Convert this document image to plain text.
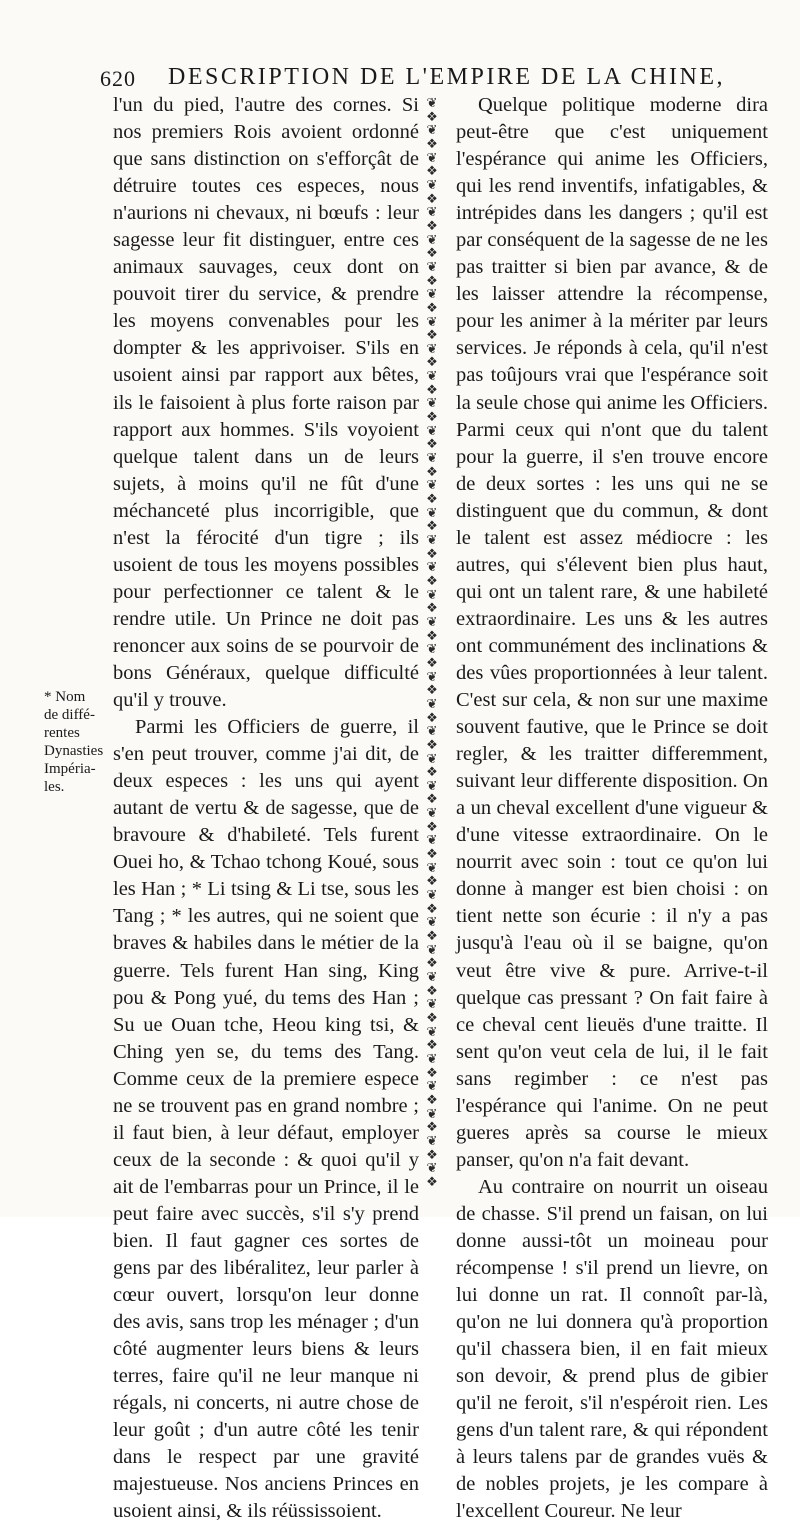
620 DESCRIPTION DE L'EMPIRE DE LA CHINE,

l'un du pied, l'autre des cornes. Si nos premiers Rois avoient ordonné que sans distinction on s'efforçât de détruire toutes ces especes, nous n'aurions ni chevaux, ni bœufs : leur sagesse leur fit distinguer, entre ces animaux sauvages, ceux dont on pouvoit tirer du service, & prendre les moyens convenables pour les dompter & les apprivoiser. S'ils en usoient ainsi par rapport aux bêtes, ils le faisoient à plus forte raison par rapport aux hommes. S'ils voyoient quelque talent dans un de leurs sujets, à moins qu'il ne fût d'une méchanceté plus incorrigible, que n'est la férocité d'un tigre ; ils usoient de tous les moyens possibles pour perfectionner ce talent & le rendre utile. Un Prince ne doit pas renoncer aux soins de se pourvoir de bons Généraux, quelque difficulté qu'il y trouve.

Parmi les Officiers de guerre, il s'en peut trouver, comme j'ai dit, de deux especes : les uns qui ayent autant de vertu & de sagesse, que de bravoure & d'habileté. Tels furent Ouei ho, & Tchao tchong Koué, sous les Han ; * Li tsing & Li tse, sous les Tang ; * les autres, qui ne soient que braves & habiles dans le métier de la guerre. Tels furent Han sing, King pou & Pong yué, du tems des Han ; Su ue Ouan tche, Heou king tsi, & Ching yen se, du tems des Tang. Comme ceux de la premiere espece ne se trouvent pas en grand nombre ; il faut bien, à leur défaut, employer ceux de la seconde : & quoi qu'il y ait de l'embarras pour un Prince, il le peut faire avec succès, s'il s'y prend bien. Il faut gagner ces sortes de gens par des libéralitez, leur parler à cœur ouvert, lorsqu'on leur donne des avis, sans trop les ménager ; d'un côté augmenter leurs biens & leurs terres, faire qu'il ne leur manque ni régals, ni concerts, ni autre chose de leur goût ; d'un autre côté les tenir dans le respect par une gravité majestueuse. Nos anciens Princes en usoient ainsi, & ils réüssissoient.

❦
❖
❦
❖
❦
❖
❦
❖
❦
❖
❦
❖
❦
❖
❦
❖
❦
❖
❦
❖
❦
❖
❦
❖
❦
❖
❦
❖
❦
❖
❦
❖
❦
❖
❦
❖
❦
❖
❦
❖
❦
❖
❦
❖
❦
❖
❦
❖
❦
❖
❦
❖
❦
❖
❦
❖
❦
❖
❦
❖
❦
❖
❦
❖
❦
❖
❦
❖
❦
❖
❦
❖
❦
❖
❦
❖
❦
❖
❦
❖

Quelque politique moderne dira peut-être que c'est uniquement l'espérance qui anime les Officiers, qui les rend inventifs, infatigables, & intrépides dans les dangers ; qu'il est par conséquent de la sagesse de ne les pas traitter si bien par avance, & de les laisser attendre la récompense, pour les animer à la mériter par leurs services. Je réponds à cela, qu'il n'est pas toûjours vrai que l'espérance soit la seule chose qui anime les Officiers. Parmi ceux qui n'ont que du talent pour la guerre, il s'en trouve encore de deux sortes : les uns qui ne se distinguent que du commun, & dont le talent est assez médiocre : les autres, qui s'élevent bien plus haut, qui ont un talent rare, & une habileté extraordinaire. Les uns & les autres ont communément des inclinations & des vûes proportionnées à leur talent. C'est sur cela, & non sur une maxime souvent fautive, que le Prince se doit regler, & les traitter differemment, suivant leur differente disposition. On a un cheval excellent d'une vigueur & d'une vitesse extraordinaire. On le nourrit avec soin : tout ce qu'on lui donne à manger est bien choisi : on tient nette son écurie : il n'y a pas jusqu'à l'eau où il se baigne, qu'on veut être vive & pure. Arrive-t-il quelque cas pressant ? On fait faire à ce cheval cent lieuës d'une traitte. Il sent qu'on veut cela de lui, il le fait sans regimber : ce n'est pas l'espérance qui l'anime. On ne peut gueres après sa course le mieux panser, qu'on n'a fait devant.

Au contraire on nourrit un oiseau de chasse. S'il prend un faisan, on lui donne aussi-tôt un moineau pour récompense ! s'il prend un lievre, on lui donne un rat. Il connoît par-là, qu'on ne lui donnera qu'à proportion qu'il chassera bien, il en fait mieux son devoir, & prend plus de gibier qu'il ne feroit, s'il n'espéroit rien. Les gens d'un talent rare, & qui répondent à leurs talens par de grandes vuës & de nobles projets, je les compare à l'excellent Coureur. Ne leur

* Nom
de diffé-
rentes
Dynasties
Impéria-
les.
